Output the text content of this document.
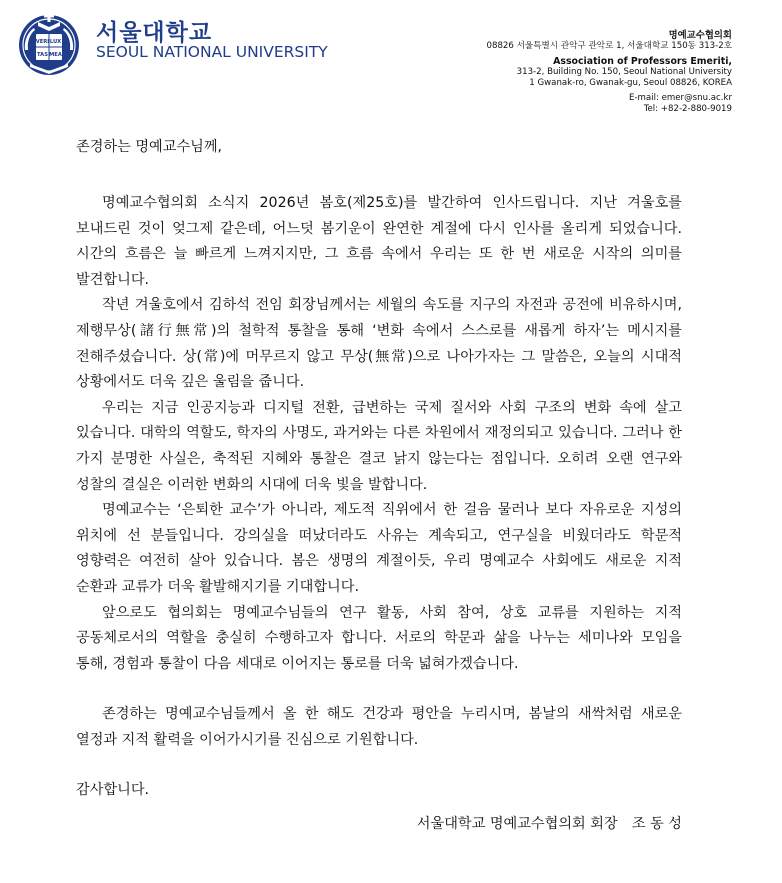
VERI LUX
TAS MEA
서울대학교
SEOUL NATIONAL UNIVERSITY
명예교수협의회
08826 서울특별시 관악구 관악로 1, 서울대학교 150동 313-2호
Association of Professors Emeriti,
313-2, Building No. 150, Seoul National University
1 Gwanak-ro, Gwanak-gu, Seoul 08826, KOREA
E-mail: emer@snu.ac.kr
Tel: +82-2-880-9019

존경하는 명예교수님께,

명예교수협의회 소식지 2026년 봄호(제25호)를 발간하여 인사드립니다. 지난 겨울호를 보내드린 것이 엊그제 같은데, 어느덧 봄기운이 완연한 계절에 다시 인사를 올리게 되었습니다. 시간의 흐름은 늘 빠르게 느껴지지만, 그 흐름 속에서 우리는 또 한 번 새로운 시작의 의미를 발견합니다.

작년 겨울호에서 김하석 전임 회장님께서는 세월의 속도를 지구의 자전과 공전에 비유하시며, 제행무상(諸行無常)의 철학적 통찰을 통해 ‘변화 속에서 스스로를 새롭게 하자’는 메시지를 전해주셨습니다. 상(常)에 머무르지 않고 무상(無常)으로 나아가자는 그 말씀은, 오늘의 시대적 상황에서도 더욱 깊은 울림을 줍니다.

우리는 지금 인공지능과 디지털 전환, 급변하는 국제 질서와 사회 구조의 변화 속에 살고 있습니다. 대학의 역할도, 학자의 사명도, 과거와는 다른 차원에서 재정의되고 있습니다. 그러나 한 가지 분명한 사실은, 축적된 지혜와 통찰은 결코 낡지 않는다는 점입니다. 오히려 오랜 연구와 성찰의 결실은 이러한 변화의 시대에 더욱 빛을 발합니다.

명예교수는 ‘은퇴한 교수’가 아니라, 제도적 직위에서 한 걸음 물러나 보다 자유로운 지성의 위치에 선 분들입니다. 강의실을 떠났더라도 사유는 계속되고, 연구실을 비웠더라도 학문적 영향력은 여전히 살아 있습니다. 봄은 생명의 계절이듯, 우리 명예교수 사회에도 새로운 지적 순환과 교류가 더욱 활발해지기를 기대합니다.

앞으로도 협의회는 명예교수님들의 연구 활동, 사회 참여, 상호 교류를 지원하는 지적 공동체로서의 역할을 충실히 수행하고자 합니다. 서로의 학문과 삶을 나누는 세미나와 모임을 통해, 경험과 통찰이 다음 세대로 이어지는 통로를 더욱 넓혀가겠습니다.

존경하는 명예교수님들께서 올 한 해도 건강과 평안을 누리시며, 봄날의 새싹처럼 새로운 열정과 지적 활력을 이어가시기를 진심으로 기원합니다.

감사합니다.

서울대학교 명예교수협의회 회장　조 동 성
